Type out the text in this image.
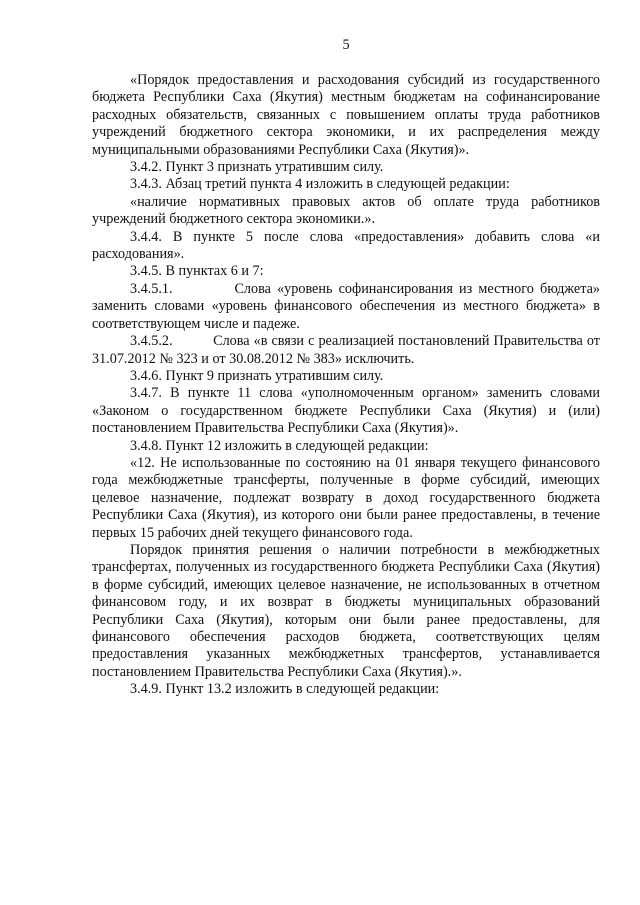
5

«Порядок предоставления и расходования субсидий из государственного бюджета Республики Саха (Якутия) местным бюджетам на софинансирование расходных обязательств, связанных с повышением оплаты труда работников учреждений бюджетного сектора экономики, и их распределения между муниципальными образованиями Республики Саха (Якутия)».

3.4.2. Пункт 3 признать утратившим силу.

3.4.3. Абзац третий пункта 4 изложить в следующей редакции:

«наличие нормативных правовых актов об оплате труда работников учреждений бюджетного сектора экономики.».

3.4.4. В пункте 5 после слова «предоставления» добавить слова «и расходования».

3.4.5. В пунктах 6 и 7:

3.4.5.1.          Слова «уровень софинансирования из местного бюджета» заменить словами «уровень финансового обеспечения из местного бюджета» в соответствующем числе и падеже.

3.4.5.2.          Слова «в связи с реализацией постановлений Правительства от 31.07.2012 № 323 и от 30.08.2012 № 383» исключить.

3.4.6. Пункт 9 признать утратившим силу.

3.4.7. В пункте 11 слова «уполномоченным органом» заменить словами «Законом о государственном бюджете Республики Саха (Якутия) и (или) постановлением Правительства Республики Саха (Якутия)».

3.4.8. Пункт 12 изложить в следующей редакции:

«12. Не использованные по состоянию на 01 января текущего финансового года межбюджетные трансферты, полученные в форме субсидий, имеющих целевое назначение, подлежат возврату в доход государственного бюджета Республики Саха (Якутия), из которого они были ранее предоставлены, в течение первых 15 рабочих дней текущего финансового года.

Порядок принятия решения о наличии потребности в межбюджетных трансфертах, полученных из государственного бюджета Республики Саха (Якутия) в форме субсидий, имеющих целевое назначение, не использованных в отчетном финансовом году, и их возврат в бюджеты муниципальных образований Республики Саха (Якутия), которым они были ранее предоставлены, для финансового обеспечения расходов бюджета, соответствующих целям предоставления указанных межбюджетных трансфертов, устанавливается постановлением Правительства Республики Саха (Якутия).».

3.4.9. Пункт 13.2 изложить в следующей редакции:
